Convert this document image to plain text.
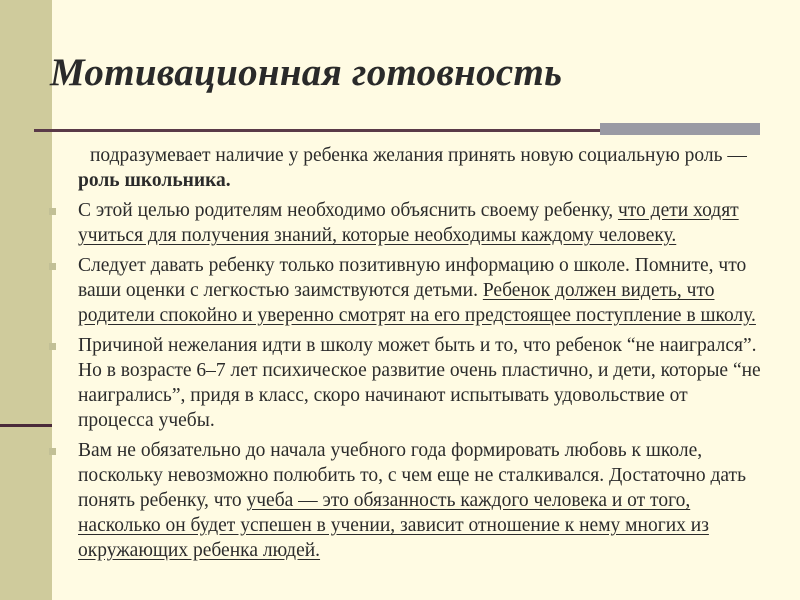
Мотивационная готовность
подразумевает наличие у ребенка желания принять новую социальную роль — роль школьника.
С этой целью родителям необходимо объяснить своему ребенку, что дети ходят учиться для получения знаний, которые необходимы каждому человеку.
Следует давать ребенку только позитивную информацию о школе. Помните, что ваши оценки с легкостью заимствуются детьми. Ребенок должен видеть, что родители спокойно и уверенно смотрят на его предстоящее поступление в школу.
Причиной нежелания идти в школу может быть и то, что ребенок “не наигрался”. Но в возрасте 6–7 лет психическое развитие очень пластично, и дети, которые “не наигрались”, придя в класс, скоро начинают испытывать удовольствие от процесса учебы.
Вам не обязательно до начала учебного года формировать любовь к школе, поскольку невозможно полюбить то, с чем еще не сталкивался. Достаточно дать понять ребенку, что учеба — это обязанность каждого человека и от того, насколько он будет успешен в учении, зависит отношение к нему многих из окружающих ребенка людей.
